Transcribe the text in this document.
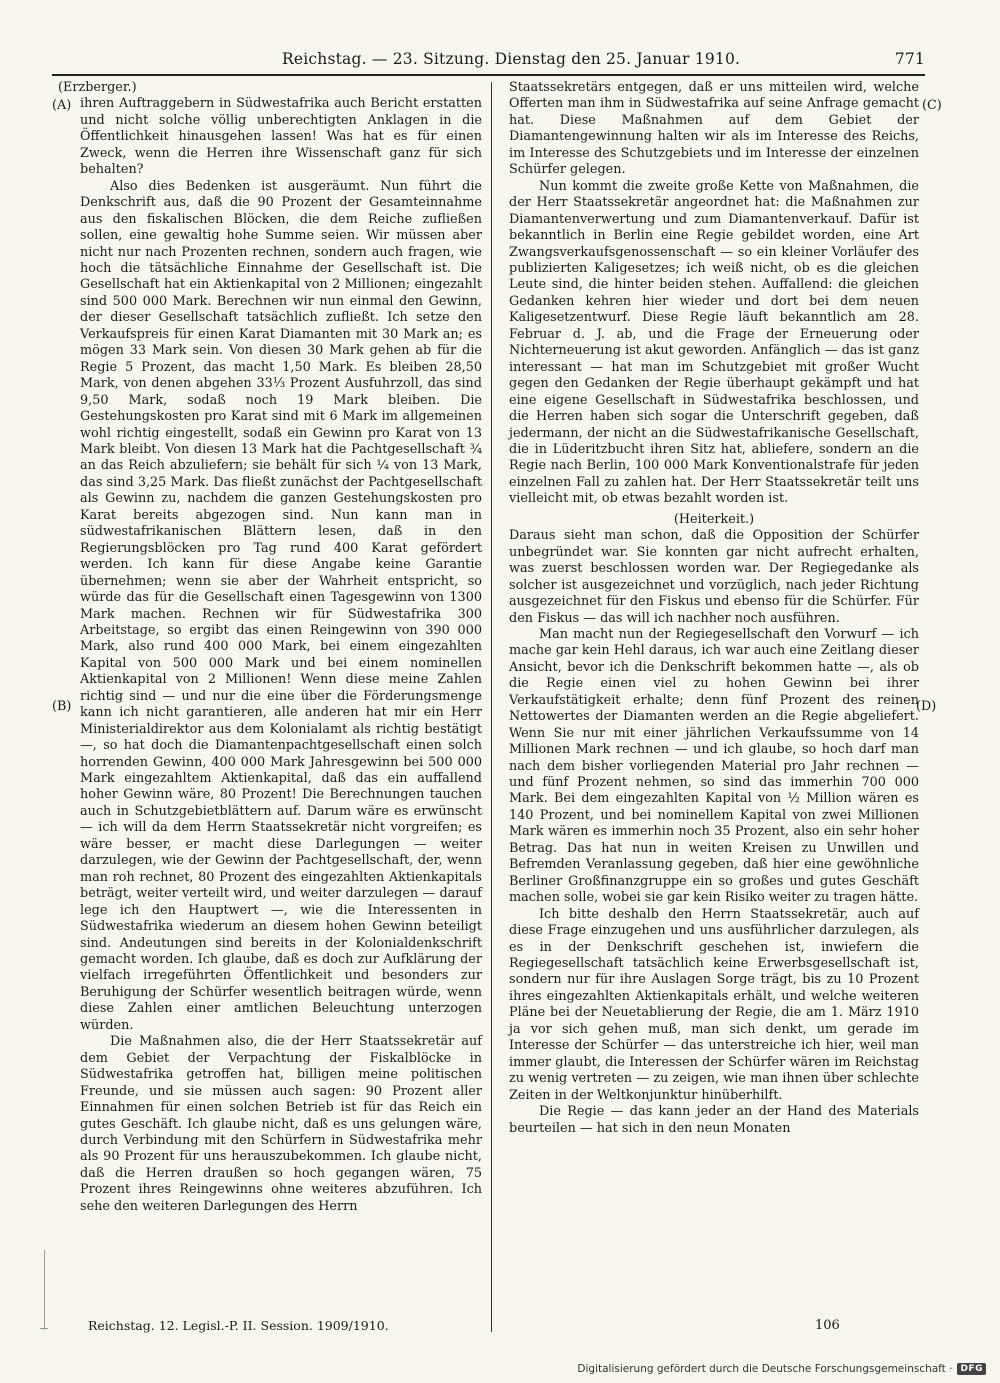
Reichstag. — 23. Sitzung. Dienstag den 25. Januar 1910.	771
(A)
(B)
(C)
(D)

(Erzberger.)

ihren Auftraggebern in Südwestafrika auch Bericht erstatten und nicht solche völlig unberechtigten Anklagen in die Öffentlichkeit hinausgehen lassen! Was hat es für einen Zweck, wenn die Herren ihre Wissenschaft ganz für sich behalten?

Also dies Bedenken ist ausgeräumt. Nun führt die Denkschrift aus, daß die 90 Prozent der Gesamteinnahme aus den fiskalischen Blöcken, die dem Reiche zufließen sollen, eine gewaltig hohe Summe seien. Wir müssen aber nicht nur nach Prozenten rechnen, sondern auch fragen, wie hoch die tätsächliche Einnahme der Gesellschaft ist. Die Gesellschaft hat ein Aktienkapital von 2 Millionen; eingezahlt sind 500 000 Mark. Berechnen wir nun einmal den Gewinn, der dieser Gesellschaft tatsächlich zufließt. Ich setze den Verkaufspreis für einen Karat Diamanten mit 30 Mark an; es mögen 33 Mark sein. Von diesen 30 Mark gehen ab für die Regie 5 Prozent, das macht 1,50 Mark. Es bleiben 28,50 Mark, von denen abgehen 33⅓ Prozent Ausfuhrzoll, das sind 9,50 Mark, sodaß noch 19 Mark bleiben. Die Gestehungskosten pro Karat sind mit 6 Mark im allgemeinen wohl richtig eingestellt, sodaß ein Gewinn pro Karat von 13 Mark bleibt. Von diesen 13 Mark hat die Pachtgesellschaft ¾ an das Reich abzuliefern; sie behält für sich ¼ von 13 Mark, das sind 3,25 Mark. Das fließt zunächst der Pachtgesellschaft als Gewinn zu, nachdem die ganzen Gestehungskosten pro Karat bereits abgezogen sind. Nun kann man in südwestafrikanischen Blättern lesen, daß in den Regierungsblöcken pro Tag rund 400 Karat gefördert werden. Ich kann für diese Angabe keine Garantie übernehmen; wenn sie aber der Wahrheit entspricht, so würde das für die Gesellschaft einen Tagesgewinn von 1300 Mark machen. Rechnen wir für Südwestafrika 300 Arbeitstage, so ergibt das einen Reingewinn von 390 000 Mark, also rund 400 000 Mark, bei einem eingezahlten Kapital von 500 000 Mark und bei einem nominellen Aktienkapital von 2 Millionen! Wenn diese meine Zahlen richtig sind — und nur die eine über die Förderungsmenge kann ich nicht garantieren, alle anderen hat mir ein Herr Ministerialdirektor aus dem Kolonialamt als richtig bestätigt —, so hat doch die Diamantenpachtgesellschaft einen solch horrenden Gewinn, 400 000 Mark Jahresgewinn bei 500 000 Mark eingezahltem Aktienkapital, daß das ein auffallend hoher Gewinn wäre, 80 Prozent! Die Berechnungen tauchen auch in Schutzgebietblättern auf. Darum wäre es erwünscht — ich will da dem Herrn Staatssekretär nicht vorgreifen; es wäre besser, er macht diese Darlegungen — weiter darzulegen, wie der Gewinn der Pachtgesellschaft, der, wenn man roh rechnet, 80 Prozent des eingezahlten Aktienkapitals beträgt, weiter verteilt wird, und weiter darzulegen — darauf lege ich den Hauptwert —, wie die Interessenten in Südwestafrika wiederum an diesem hohen Gewinn beteiligt sind. Andeutungen sind bereits in der Kolonialdenkschrift gemacht worden. Ich glaube, daß es doch zur Aufklärung der vielfach irregeführten Öffentlichkeit und besonders zur Beruhigung der Schürfer wesentlich beitragen würde, wenn diese Zahlen einer amtlichen Beleuchtung unterzogen würden.

Die Maßnahmen also, die der Herr Staatssekretär auf dem Gebiet der Verpachtung der Fiskalblöcke in Südwestafrika getroffen hat, billigen meine politischen Freunde, und sie müssen auch sagen: 90 Prozent aller Einnahmen für einen solchen Betrieb ist für das Reich ein gutes Geschäft. Ich glaube nicht, daß es uns gelungen wäre, durch Verbindung mit den Schürfern in Südwestafrika mehr als 90 Prozent für uns herauszubekommen. Ich glaube nicht, daß die Herren draußen so hoch gegangen wären, 75 Prozent ihres Reingewinns ohne weiteres abzuführen. Ich sehe den weiteren Darlegungen des Herrn

Staatssekretärs entgegen, daß er uns mitteilen wird, welche Offerten man ihm in Südwestafrika auf seine Anfrage gemacht hat. Diese Maßnahmen auf dem Gebiet der Diamantengewinnung halten wir als im Interesse des Reichs, im Interesse des Schutzgebiets und im Interesse der einzelnen Schürfer gelegen.

Nun kommt die zweite große Kette von Maßnahmen, die der Herr Staatssekretär angeordnet hat: die Maßnahmen zur Diamantenverwertung und zum Diamantenverkauf. Dafür ist bekanntlich in Berlin eine Regie gebildet worden, eine Art Zwangsverkaufsgenossenschaft — so ein kleiner Vorläufer des publizierten Kaligesetzes; ich weiß nicht, ob es die gleichen Leute sind, die hinter beiden stehen. Auffallend: die gleichen Gedanken kehren hier wieder und dort bei dem neuen Kaligesetzentwurf. Diese Regie läuft bekanntlich am 28. Februar d. J. ab, und die Frage der Erneuerung oder Nichterneuerung ist akut geworden. Anfänglich — das ist ganz interessant — hat man im Schutzgebiet mit großer Wucht gegen den Gedanken der Regie überhaupt gekämpft und hat eine eigene Gesellschaft in Südwestafrika beschlossen, und die Herren haben sich sogar die Unterschrift gegeben, daß jedermann, der nicht an die Südwestafrikanische Gesellschaft, die in Lüderitzbucht ihren Sitz hat, abliefere, sondern an die Regie nach Berlin, 100 000 Mark Konventionalstrafe für jeden einzelnen Fall zu zahlen hat. Der Herr Staatssekretär teilt uns vielleicht mit, ob etwas bezahlt worden ist.

(Heiterkeit.)

Daraus sieht man schon, daß die Opposition der Schürfer unbegründet war. Sie konnten gar nicht aufrecht erhalten, was zuerst beschlossen worden war. Der Regiegedanke als solcher ist ausgezeichnet und vorzüglich, nach jeder Richtung ausgezeichnet für den Fiskus und ebenso für die Schürfer. Für den Fiskus — das will ich nachher noch ausführen.

Man macht nun der Regiegesellschaft den Vorwurf — ich mache gar kein Hehl daraus, ich war auch eine Zeitlang dieser Ansicht, bevor ich die Denkschrift bekommen hatte —, als ob die Regie einen viel zu hohen Gewinn bei ihrer Verkaufstätigkeit erhalte; denn fünf Prozent des reinen Nettowertes der Diamanten werden an die Regie abgeliefert. Wenn Sie nur mit einer jährlichen Verkaufssumme von 14 Millionen Mark rechnen — und ich glaube, so hoch darf man nach dem bisher vorliegenden Material pro Jahr rechnen — und fünf Prozent nehmen, so sind das immerhin 700 000 Mark. Bei dem eingezahlten Kapital von ½ Million wären es 140 Prozent, und bei nominellem Kapital von zwei Millionen Mark wären es immerhin noch 35 Prozent, also ein sehr hoher Betrag. Das hat nun in weiten Kreisen zu Unwillen und Befremden Veranlassung gegeben, daß hier eine gewöhnliche Berliner Großfinanzgruppe ein so großes und gutes Geschäft machen solle, wobei sie gar kein Risiko weiter zu tragen hätte.

Ich bitte deshalb den Herrn Staatssekretär, auch auf diese Frage einzugehen und uns ausführlicher darzulegen, als es in der Denkschrift geschehen ist, inwiefern die Regiegesellschaft tatsächlich keine Erwerbsgesellschaft ist, sondern nur für ihre Auslagen Sorge trägt, bis zu 10 Prozent ihres eingezahlten Aktienkapitals erhält, und welche weiteren Pläne bei der Neuetablierung der Regie, die am 1. März 1910 ja vor sich gehen muß, man sich denkt, um gerade im Interesse der Schürfer — das unterstreiche ich hier, weil man immer glaubt, die Interessen der Schürfer wären im Reichstag zu wenig vertreten — zu zeigen, wie man ihnen über schlechte Zeiten in der Weltkonjunktur hinüberhilft.

Die Regie — das kann jeder an der Hand des Materials beurteilen — hat sich in den neun Monaten

Reichstag. 12. Legisl.-P. II. Session. 1909/1910.	106
Digitalisierung gefördert durch die Deutsche Forschungsgemeinschaft · DFG
